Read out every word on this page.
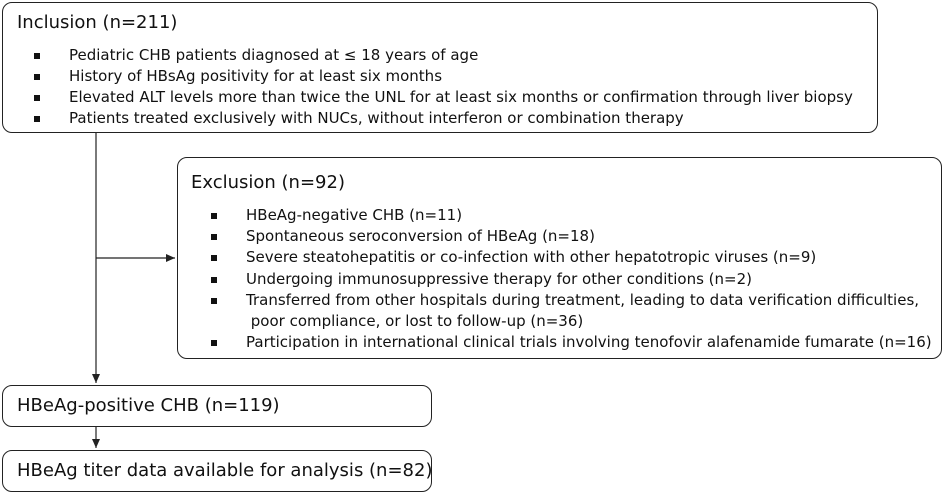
Inclusion (n=211)
Pediatric CHB patients diagnosed at ≤ 18 years of age
History of HBsAg positivity for at least six months
Elevated ALT levels more than twice the UNL for at least six months or confirmation through liver biopsy
Patients treated exclusively with NUCs, without interferon or combination therapy
Exclusion (n=92)
HBeAg-negative CHB (n=11)
Spontaneous seroconversion of HBeAg (n=18)
Severe steatohepatitis or co-infection with other hepatotropic viruses (n=9)
Undergoing immunosuppressive therapy for other conditions (n=2)
Transferred from other hospitals during treatment, leading to data verification difficulties,
poor compliance, or lost to follow-up (n=36)
Participation in international clinical trials involving tenofovir alafenamide fumarate (n=16)
HBeAg-positive CHB (n=119)
HBeAg titer data available for analysis (n=82)
